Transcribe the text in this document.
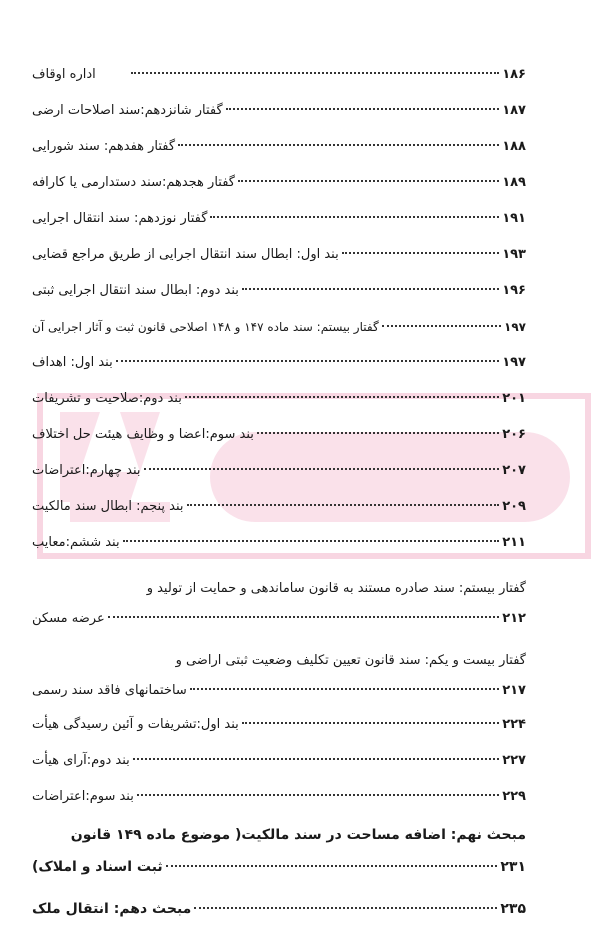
۱۸۶
اداره اوقاف
۱۸۷
گفتار شانزدهم:سند اصلاحات ارضی
۱۸۸
گفتار هفدهم: سند شورایی
۱۸۹
گفتار هجدهم:سند دستدارمی یا کارافه
۱۹۱
گفتار نوزدهم: سند انتقال اجرایی
۱۹۳
بند اول: ابطال سند انتقال اجرایی از طریق مراجع قضایی
۱۹۶
بند دوم: ابطال سند انتقال اجرایی ثبتی
۱۹۷
گفتار بیستم: سند ماده ۱۴۷ و ۱۴۸ اصلاحی قانون ثبت و آثار اجرایی آن
۱۹۷
بند اول: اهداف
۲۰۱
بند دوم:صلاحیت و تشریفات
۲۰۶
بند سوم:اعضا و وظایف هیئت حل اختلاف
۲۰۷
بند چهارم:اعتراضات
۲۰۹
بند پنجم: ابطال سند مالکیت
۲۱۱
بند ششم:معایب
گفتار بیستم: سند صادره مستند به قانون ساماندهی و حمایت از تولید و
۲۱۲
عرضه مسکن
گفتار بیست و یکم: سند قانون تعیین تکلیف وضعیت ثبتی اراضی و
۲۱۷
ساختمانهای فاقد سند رسمی
۲۲۴
بند اول:تشریفات و آئین رسیدگی هیأت
۲۲۷
بند دوم:آرای هیأت
۲۲۹
بند سوم:اعتراضات
مبحث نهم: اضافه مساحت در سند مالکیت( موضوع ماده ۱۴۹ قانون
۲۳۱
ثبت اسناد و املاک)
۲۳۵
مبحث دهم: انتقال ملک
